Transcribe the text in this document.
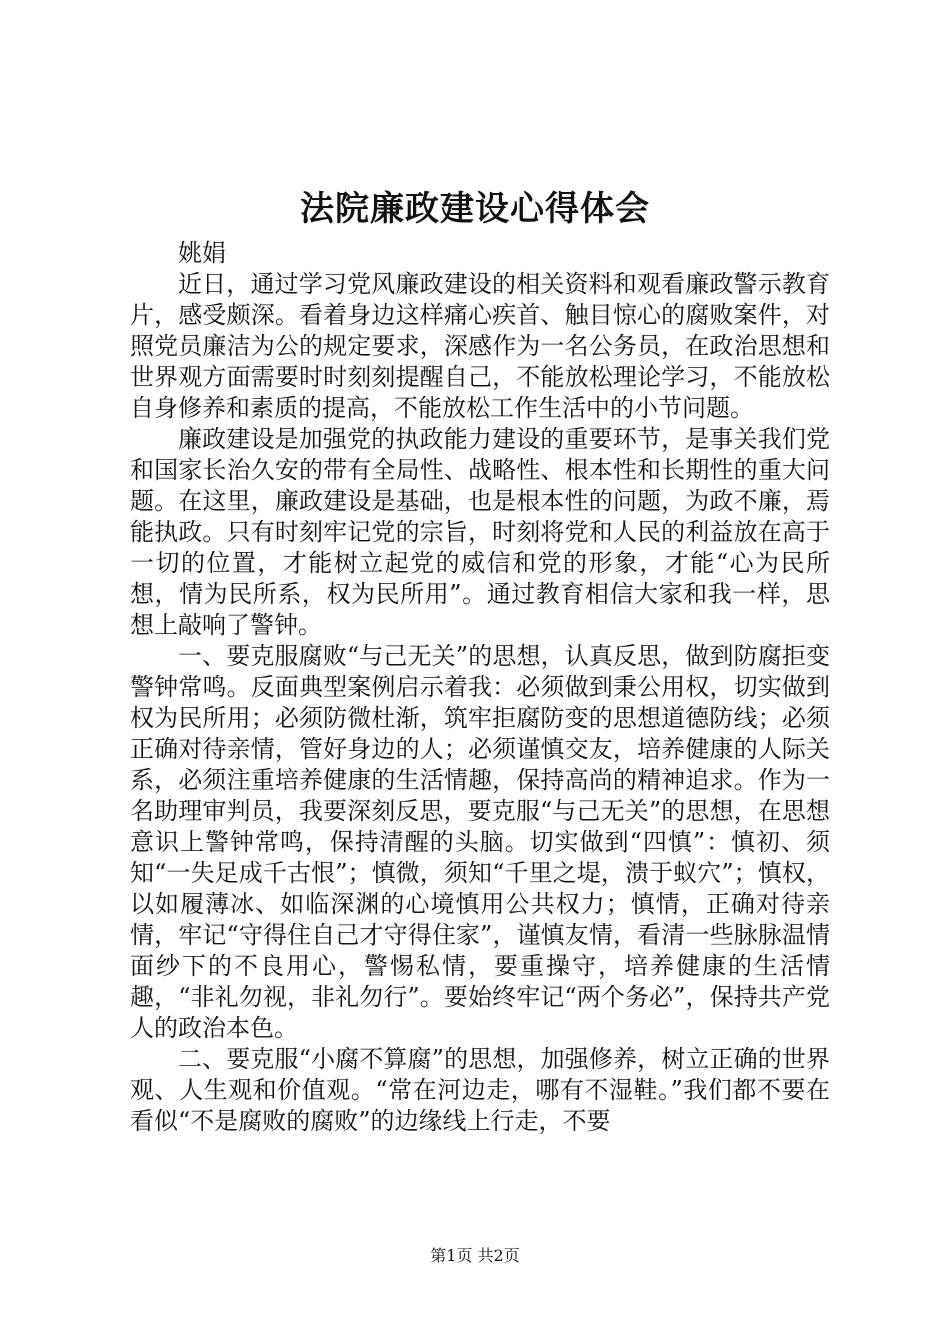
法院廉政建设心得体会

姚娟

近日，通过学习党风廉政建设的相关资料和观看廉政警示教育片，感受颇深。看着身边这样痛心疾首、触目惊心的腐败案件，对照党员廉洁为公的规定要求，深感作为一名公务员，在政治思想和世界观方面需要时时刻刻提醒自己，不能放松理论学习，不能放松自身修养和素质的提高，不能放松工作生活中的小节问题。

廉政建设是加强党的执政能力建设的重要环节，是事关我们党和国家长治久安的带有全局性、战略性、根本性和长期性的重大问题。在这里，廉政建设是基础，也是根本性的问题，为政不廉，焉能执政。只有时刻牢记党的宗旨，时刻将党和人民的利益放在高于一切的位置，才能树立起党的威信和党的形象，才能“心为民所想，情为民所系，权为民所用”。通过教育相信大家和我一样，思想上敲响了警钟。

一、要克服腐败“与己无关”的思想，认真反思，做到防腐拒变警钟常鸣。反面典型案例启示着我：必须做到秉公用权，切实做到权为民所用；必须防微杜渐，筑牢拒腐防变的思想道德防线；必须正确对待亲情，管好身边的人；必须谨慎交友，培养健康的人际关系，必须注重培养健康的生活情趣，保持高尚的精神追求。作为一名助理审判员，我要深刻反思，要克服“与己无关”的思想，在思想意识上警钟常鸣，保持清醒的头脑。切实做到“四慎”：慎初、须知“一失足成千古恨”；慎微，须知“千里之堤，溃于蚁穴”；慎权，以如履薄冰、如临深渊的心境慎用公共权力；慎情，正确对待亲情，牢记“守得住自己才守得住家”，谨慎友情，看清一些脉脉温情面纱下的不良用心，警惕私情，要重操守，培养健康的生活情趣，“非礼勿视，非礼勿行”。要始终牢记“两个务必”，保持共产党人的政治本色。

二、要克服“小腐不算腐”的思想，加强修养，树立正确的世界观、人生观和价值观。“常在河边走，哪有不湿鞋。”我们都不要在看似“不是腐败的腐败”的边缘线上行走，不要

第1页 共2页
